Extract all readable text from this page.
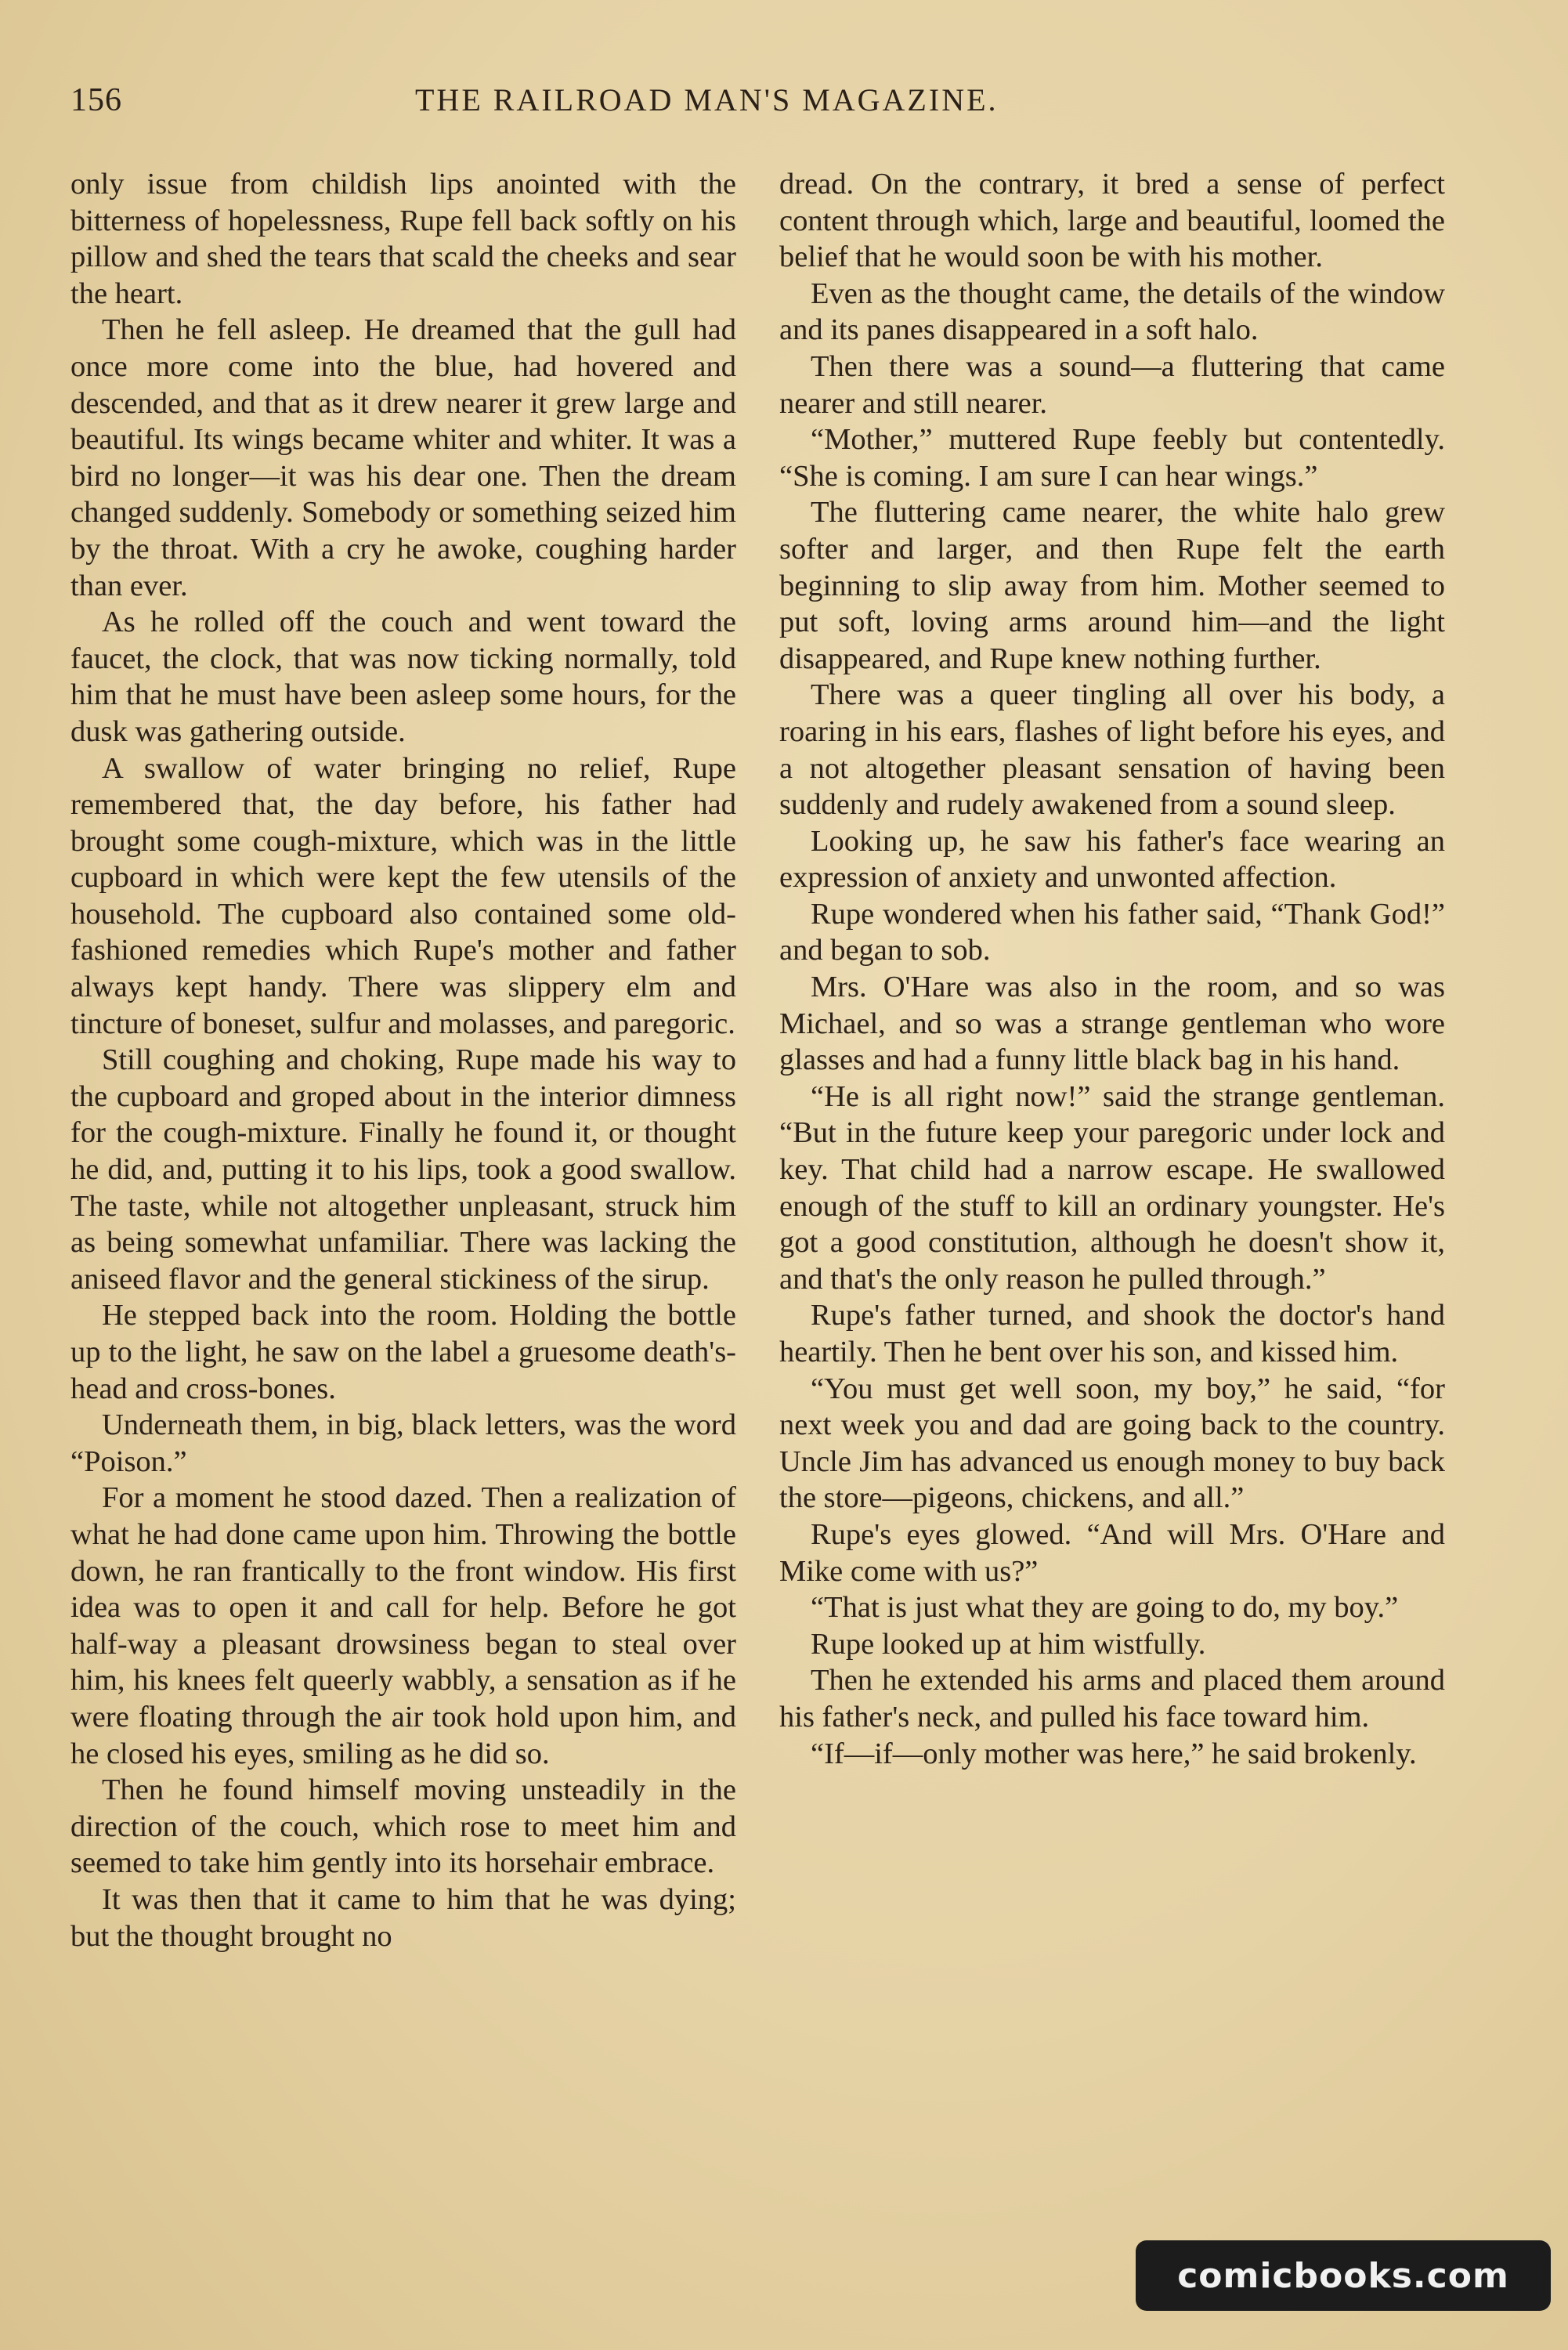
156	THE RAILROAD MAN'S MAGAZINE.

only issue from childish lips anointed with the bitterness of hopelessness, Rupe fell back softly on his pillow and shed the tears that scald the cheeks and sear the heart.

Then he fell asleep. He dreamed that the gull had once more come into the blue, had hovered and descended, and that as it drew nearer it grew large and beautiful. Its wings became whiter and whiter. It was a bird no longer—it was his dear one. Then the dream changed suddenly. Somebody or something seized him by the throat. With a cry he awoke, coughing harder than ever.

As he rolled off the couch and went toward the faucet, the clock, that was now ticking normally, told him that he must have been asleep some hours, for the dusk was gathering outside.

A swallow of water bringing no relief, Rupe remembered that, the day before, his father had brought some cough-mixture, which was in the little cupboard in which were kept the few utensils of the household. The cupboard also contained some old-fashioned remedies which Rupe's mother and father always kept handy. There was slippery elm and tincture of boneset, sulfur and molasses, and paregoric.

Still coughing and choking, Rupe made his way to the cupboard and groped about in the interior dimness for the cough-mixture. Finally he found it, or thought he did, and, putting it to his lips, took a good swallow. The taste, while not altogether unpleasant, struck him as being somewhat unfamiliar. There was lacking the aniseed flavor and the general stickiness of the sirup.

He stepped back into the room. Holding the bottle up to the light, he saw on the label a gruesome death's-head and cross-bones.

Underneath them, in big, black letters, was the word “Poison.”

For a moment he stood dazed. Then a realization of what he had done came upon him. Throwing the bottle down, he ran frantically to the front window. His first idea was to open it and call for help. Before he got half-way a pleasant drowsiness began to steal over him, his knees felt queerly wabbly, a sensation as if he were floating through the air took hold upon him, and he closed his eyes, smiling as he did so.

Then he found himself moving unsteadily in the direction of the couch, which rose to meet him and seemed to take him gently into its horsehair embrace.

It was then that it came to him that he was dying; but the thought brought no

dread. On the contrary, it bred a sense of perfect content through which, large and beautiful, loomed the belief that he would soon be with his mother.

Even as the thought came, the details of the window and its panes disappeared in a soft halo.

Then there was a sound—a fluttering that came nearer and still nearer.

“Mother,” muttered Rupe feebly but contentedly. “She is coming. I am sure I can hear wings.”

The fluttering came nearer, the white halo grew softer and larger, and then Rupe felt the earth beginning to slip away from him. Mother seemed to put soft, loving arms around him—and the light disappeared, and Rupe knew nothing further.

There was a queer tingling all over his body, a roaring in his ears, flashes of light before his eyes, and a not altogether pleasant sensation of having been suddenly and rudely awakened from a sound sleep.

Looking up, he saw his father's face wearing an expression of anxiety and unwonted affection.

Rupe wondered when his father said, “Thank God!” and began to sob.

Mrs. O'Hare was also in the room, and so was Michael, and so was a strange gentleman who wore glasses and had a funny little black bag in his hand.

“He is all right now!” said the strange gentleman. “But in the future keep your paregoric under lock and key. That child had a narrow escape. He swallowed enough of the stuff to kill an ordinary youngster. He's got a good constitution, although he doesn't show it, and that's the only reason he pulled through.”

Rupe's father turned, and shook the doctor's hand heartily. Then he bent over his son, and kissed him.

“You must get well soon, my boy,” he said, “for next week you and dad are going back to the country. Uncle Jim has advanced us enough money to buy back the store—pigeons, chickens, and all.”

Rupe's eyes glowed. “And will Mrs. O'Hare and Mike come with us?”

“That is just what they are going to do, my boy.”

Rupe looked up at him wistfully.

Then he extended his arms and placed them around his father's neck, and pulled his face toward him.

“If—if—only mother was here,” he said brokenly.

comicbooks.com
